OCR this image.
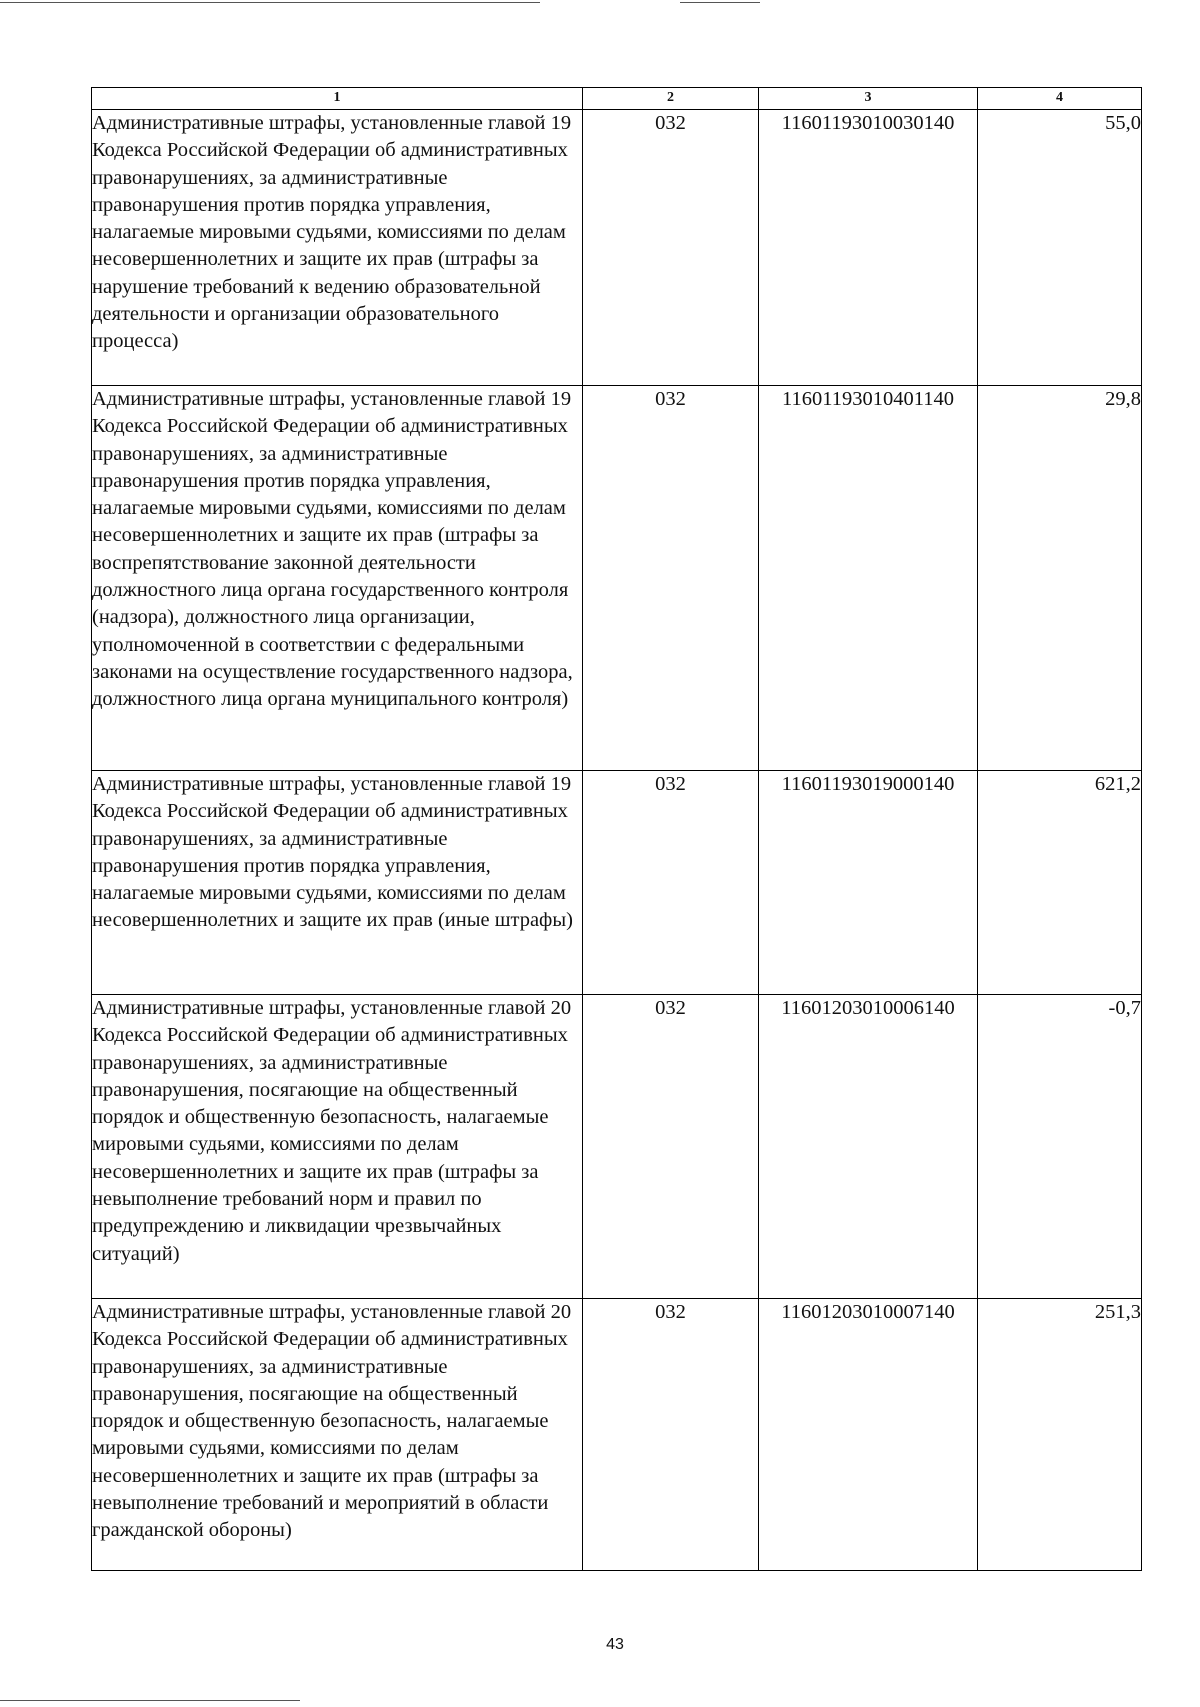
1	2	3	4

Административные штрафы, установленные главой 19 Кодекса Российской Федерации об административных правонарушениях, за административные правонарушения против порядка управления, налагаемые мировыми судьями, комиссиями по делам несовершеннолетних и защите их прав (штрафы за нарушение требований к ведению образовательной деятельности и организации образовательного процесса)	032	11601193010030140	55,0

Административные штрафы, установленные главой 19 Кодекса Российской Федерации об административных правонарушениях, за административные правонарушения против порядка управления, налагаемые мировыми судьями, комиссиями по делам несовершеннолетних и защите их прав (штрафы за воспрепятствование законной деятельности должностного лица органа государственного контроля (надзора), должностного лица организации, уполномоченной в соответствии с федеральными законами на осуществление государственного надзора, должностного лица органа муниципального контроля)	032	11601193010401140	29,8

Административные штрафы, установленные главой 19 Кодекса Российской Федерации об административных правонарушениях, за административные правонарушения против порядка управления, налагаемые мировыми судьями, комиссиями по делам несовершеннолетних и защите их прав (иные штрафы)	032	11601193019000140	621,2

Административные штрафы, установленные главой 20 Кодекса Российской Федерации об административных правонарушениях, за административные правонарушения, посягающие на общественный порядок и общественную безопасность, налагаемые мировыми судьями, комиссиями по делам несовершеннолетних и защите их прав (штрафы за невыполнение требований норм и правил по предупреждению и ликвидации чрезвычайных ситуаций)	032	11601203010006140	-0,7

Административные штрафы, установленные главой 20 Кодекса Российской Федерации об административных правонарушениях, за административные правонарушения, посягающие на общественный порядок и общественную безопасность, налагаемые мировыми судьями, комиссиями по делам несовершеннолетних и защите их прав (штрафы за невыполнение требований и мероприятий в области гражданской обороны)	032	11601203010007140	251,3
43
